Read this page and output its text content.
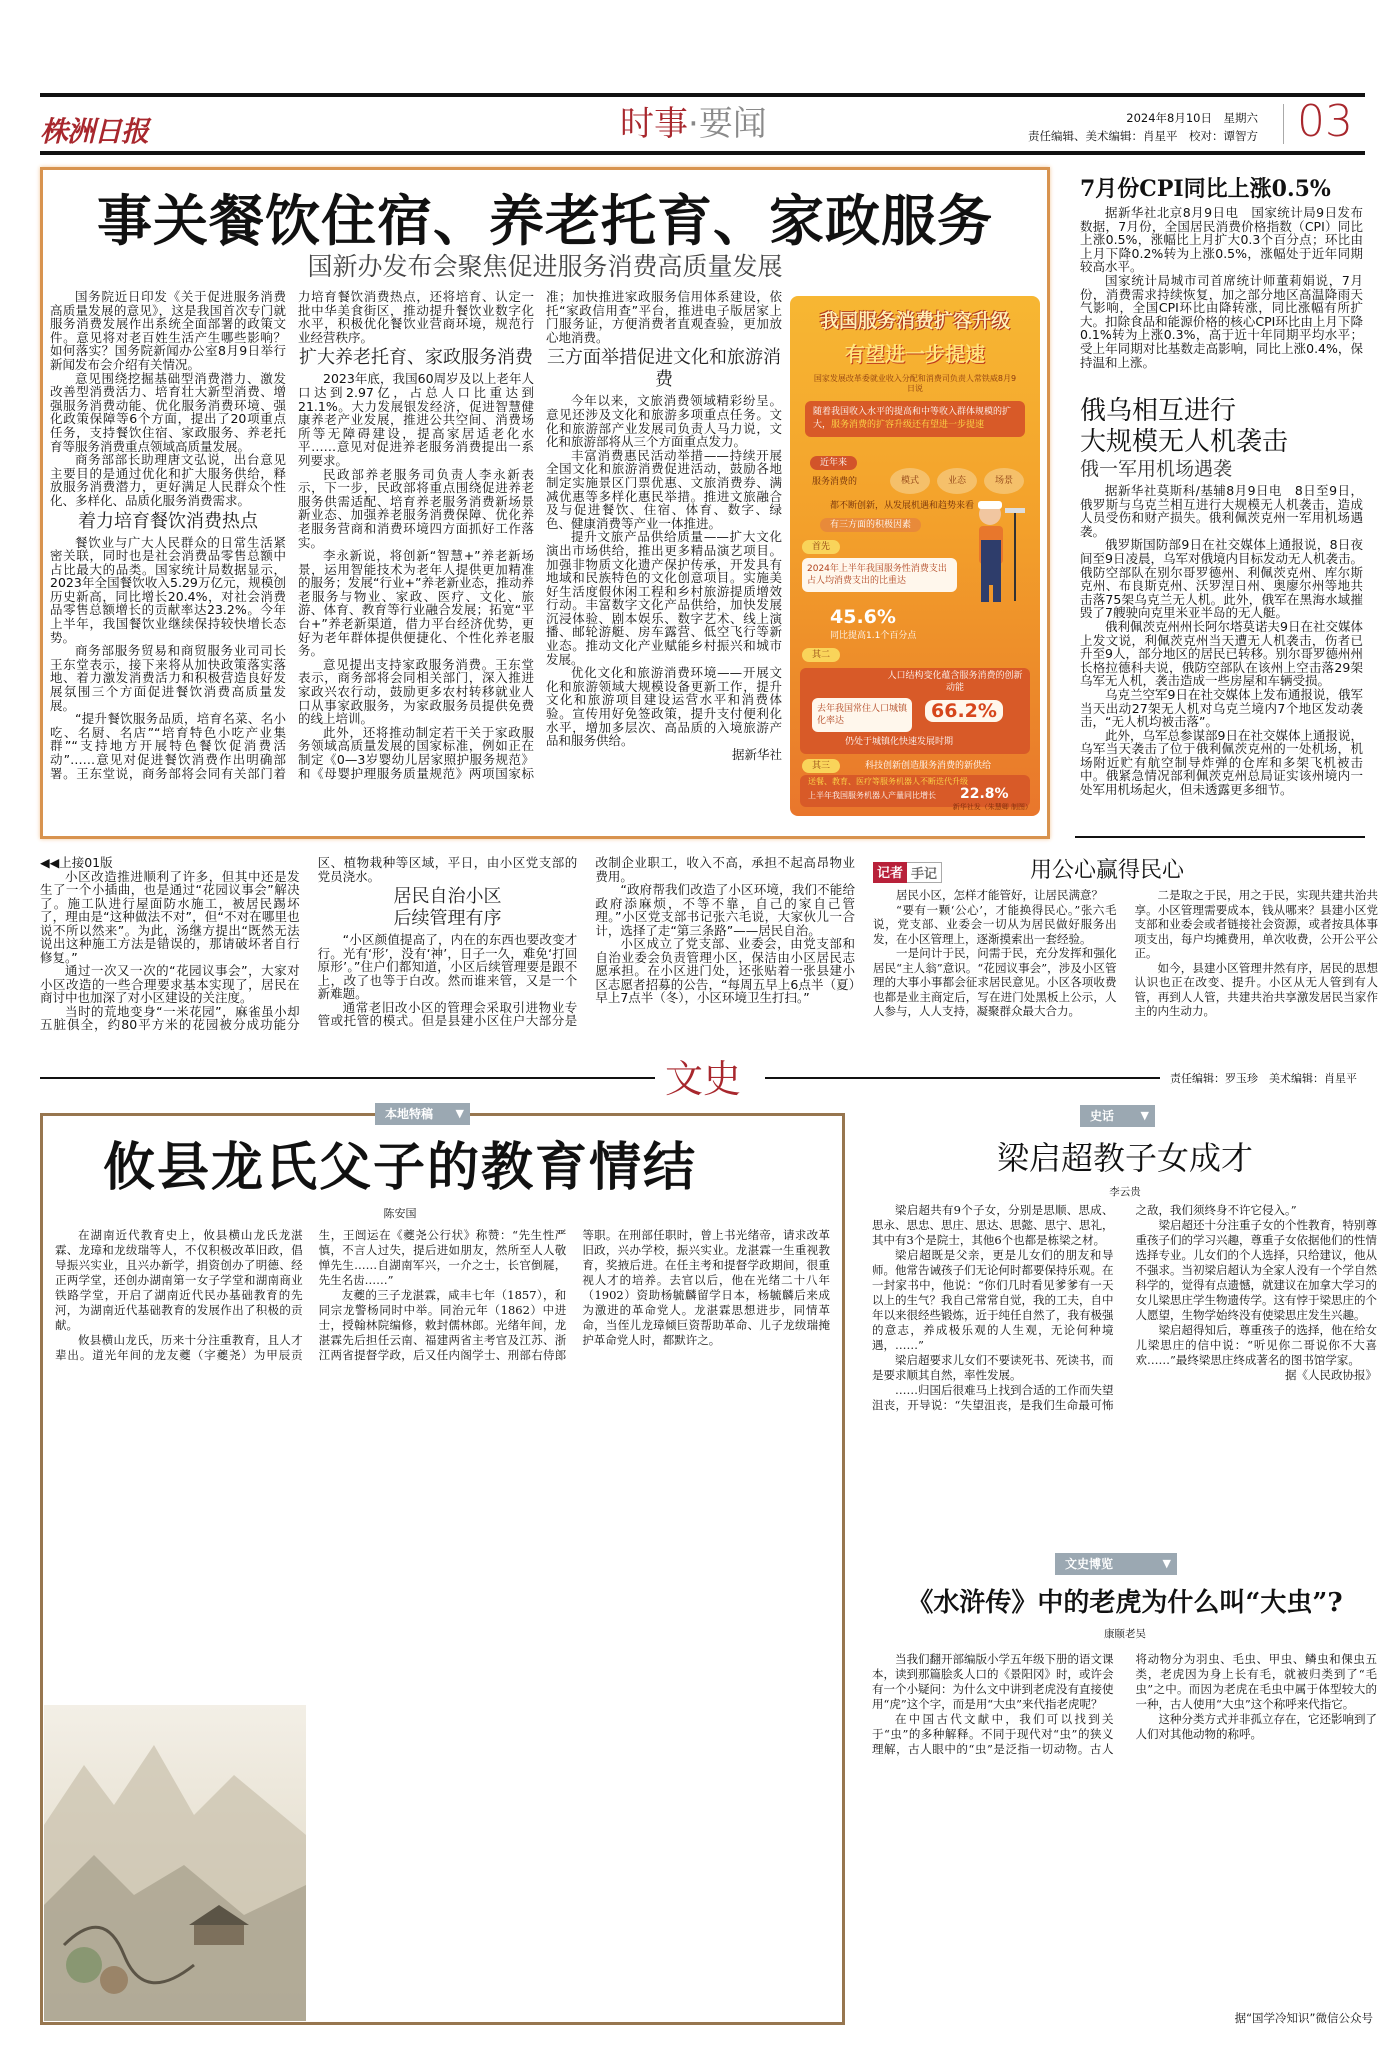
株洲日报	时事·要闻	2024年8月10日　星期六
责任编辑、美术编辑：肖星平　校对：谭智方 03
事关餐饮住宿、养老托育、家政服务
国新办发布会聚焦促进服务消费高质量发展

国务院近日印发《关于促进服务消费高质量发展的意见》，这是我国首次专门就服务消费发展作出系统全面部署的政策文件。意见将对老百姓生活产生哪些影响？如何落实？国务院新闻办公室8月9日举行新闻发布会介绍有关情况。

意见围绕挖掘基础型消费潜力、激发改善型消费活力、培育壮大新型消费、增强服务消费动能、优化服务消费环境、强化政策保障等6个方面，提出了20项重点任务，支持餐饮住宿、家政服务、养老托育等服务消费重点领域高质量发展。

商务部部长助理唐文弘说，出台意见主要目的是通过优化和扩大服务供给，释放服务消费潜力，更好满足人民群众个性化、多样化、品质化服务消费需求。

着力培育餐饮消费热点

餐饮业与广大人民群众的日常生活紧密关联，同时也是社会消费品零售总额中占比最大的品类。国家统计局数据显示，2023年全国餐饮收入5.29万亿元，规模创历史新高，同比增长20.4%，对社会消费品零售总额增长的贡献率达23.2%。今年上半年，我国餐饮业继续保持较快增长态势。

商务部服务贸易和商贸服务业司司长王东堂表示，接下来将从加快政策落实落地、着力激发消费活力和积极营造良好发展氛围三个方面促进餐饮消费高质量发展。

“提升餐饮服务品质，培育名菜、名小吃、名厨、名店”“培育特色小吃产业集群”“支持地方开展特色餐饮促消费活动”……意见对促进餐饮消费作出明确部署。王东堂说，商务部将会同有关部门着力培育餐饮消费热点，还将培育、认定一批中华美食街区，推动提升餐饮业数字化水平，积极优化餐饮业营商环境，规范行业经营秩序。

扩大养老托育、家政服务消费

2023年底，我国60周岁及以上老年人口达到2.97亿，占总人口比重达到21.1%。大力发展银发经济，促进智慧健康养老产业发展，推进公共空间、消费场所等无障碍建设，提高家居适老化水平……意见对促进养老服务消费提出一系列要求。

民政部养老服务司负责人李永新表示，下一步，民政部将重点围绕促进养老服务供需适配、培育养老服务消费新场景新业态、加强养老服务消费保障、优化养老服务营商和消费环境四方面抓好工作落实。

李永新说，将创新“智慧+”养老新场景，运用智能技术为老年人提供更加精准的服务；发展“行业+”养老新业态，推动养老服务与物业、家政、医疗、文化、旅游、体育、教育等行业融合发展；拓宽“平台+”养老新渠道，借力平台经济优势，更好为老年群体提供便捷化、个性化养老服务。

意见提出支持家政服务消费。王东堂表示，商务部将会同相关部门，深入推进家政兴农行动，鼓励更多农村转移就业人口从事家政服务，为家政服务员提供免费的线上培训。

此外，还将推动制定若干关于家政服务领域高质量发展的国家标准，例如正在制定《0—3岁婴幼儿居家照护服务规范》和《母婴护理服务质量规范》两项国家标准；加快推进家政服务信用体系建设，依托“家政信用查”平台，推进电子版居家上门服务证，方便消费者直观查验，更加放心地消费。

三方面举措促进文化和旅游消费

今年以来，文旅消费领域精彩纷呈。意见还涉及文化和旅游多项重点任务。文化和旅游部产业发展司负责人马力说，文化和旅游部将从三个方面重点发力。

丰富消费惠民活动举措——持续开展全国文化和旅游消费促进活动，鼓励各地制定实施景区门票优惠、文旅消费券、满减优惠等多样化惠民举措。推进文旅融合及与促进餐饮、住宿、体育、数字、绿色、健康消费等产业一体推进。

提升文旅产品供给质量——扩大文化演出市场供给，推出更多精品演艺项目。加强非物质文化遗产保护传承，开发具有地域和民族特色的文化创意项目。实施美好生活度假休闲工程和乡村旅游提质增效行动。丰富数字文化产品供给，加快发展沉浸体验、剧本娱乐、数字艺术、线上演播、邮轮游艇、房车露营、低空飞行等新业态。推动文化产业赋能乡村振兴和城市发展。

优化文化和旅游消费环境——开展文化和旅游领域大规模设备更新工作，提升文化和旅游项目建设运营水平和消费体验。宣传用好免签政策，提升支付便利化水平，增加多层次、高品质的入境旅游产品和服务供给。

据新华社

我国服务消费扩容升级
有望进一步提速
国家发展改革委就业收入分配和消费司负责人常铁威8月9日说
随着我国收入水平的提高和中等收入群体规模的扩大，服务消费的扩容升级还有望进一步提速
近年来
服务消费的	模式	业态	场景
都不断创新，从发展机遇和趋势来看
有三方面的积极因素
首先
2024年上半年我国服务性消费支出占人均消费支出的比重达
45.6%
同比提高1.1个百分点
其二
人口结构变化蕴含服务消费的创新动能
去年我国常住人口城镇化率达	66.2%
仍处于城镇化快速发展时期
其三	科技创新创造服务消费的新供给
送餐、教育、医疗等服务机器人不断迭代升级
上半年我国服务机器人产量同比增长 22.8%
新华社发（朱慧卿 制图）
7月份CPI同比上涨0.5%

据新华社北京8月9日电　国家统计局9日发布数据，7月份，全国居民消费价格指数（CPI）同比上涨0.5%，涨幅比上月扩大0.3个百分点；环比由上月下降0.2%转为上涨0.5%，涨幅处于近年同期较高水平。

国家统计局城市司首席统计师董莉娟说，7月份，消费需求持续恢复，加之部分地区高温降雨天气影响，全国CPI环比由降转涨，同比涨幅有所扩大。扣除食品和能源价格的核心CPI环比由上月下降0.1%转为上涨0.3%，高于近十年同期平均水平；受上年同期对比基数走高影响，同比上涨0.4%，保持温和上涨。

俄乌相互进行
大规模无人机袭击
俄一军用机场遇袭

据新华社莫斯科/基辅8月9日电　8日至9日，俄罗斯与乌克兰相互进行大规模无人机袭击，造成人员受伤和财产损失。俄利佩茨克州一军用机场遇袭。

俄罗斯国防部9日在社交媒体上通报说，8日夜间至9日凌晨，乌军对俄境内目标发动无人机袭击。俄防空部队在别尔哥罗德州、利佩茨克州、库尔斯克州、布良斯克州、沃罗涅日州、奥廖尔州等地共击落75架乌克兰无人机。此外，俄军在黑海水域摧毁了7艘驶向克里米亚半岛的无人艇。

俄利佩茨克州州长阿尔塔莫诺夫9日在社交媒体上发文说，利佩茨克州当天遭无人机袭击，伤者已升至9人，部分地区的居民已转移。别尔哥罗德州州长格拉德科夫说，俄防空部队在该州上空击落29架乌军无人机，袭击造成一些房屋和车辆受损。

乌克兰空军9日在社交媒体上发布通报说，俄军当天出动27架无人机对乌克兰境内7个地区发动袭击，“无人机均被击落”。

此外，乌军总参谋部9日在社交媒体上通报说，乌军当天袭击了位于俄利佩茨克州的一处机场，机场附近贮有航空制导炸弹的仓库和多架飞机被击中。俄紧急情况部利佩茨克州总局证实该州境内一处军用机场起火，但未透露更多细节。

◀◀上接01版

小区改造推进顺利了许多，但其中还是发生了一个小插曲，也是通过“花园议事会”解决了。施工队进行屋面防水施工，被居民踢坏了，理由是“这种做法不对”，但“不对在哪里也说不所以然来”。为此，汤继方提出“既然无法说出这种施工方法是错误的，那请破坏者自行修复。”

通过一次又一次的“花园议事会”，大家对小区改造的一些合理要求基本实现了，居民在商讨中也加深了对小区建设的关注度。

当时的荒地变身“一米花园”，麻雀虽小却五脏俱全，约80平方米的花园被分成功能分区、植物栽种等区域，平日，由小区党支部的党员浇水。

居民自治小区
后续管理有序

“小区颜值提高了，内在的东西也要改变才行。光有‘形’，没有‘神’，日子一久，难免‘打回原形’。”住户们都知道，小区后续管理要是跟不上，改了也等于白改。然而谁来管，又是一个新难题。

通常老旧改小区的管理会采取引进物业专管或托管的模式。但是县建小区住户大部分是改制企业职工，收入不高，承担不起高昂物业费用。

“政府帮我们改造了小区环境，我们不能给政府添麻烦，不等不靠，自己的家自己管理。”小区党支部书记张六毛说，大家伙儿一合计，选择了走“第三条路”——居民自治。

小区成立了党支部、业委会，由党支部和自治业委会负责管理小区，保洁由小区居民志愿承担。在小区进门处，还张贴着一张县建小区志愿者招募的公告，“每周五早上6点半（夏）早上7点半（冬），小区环境卫生打扫。”

记者 手记	用公心赢得民心

居民小区，怎样才能管好，让居民满意？

“要有一颗‘公心’，才能换得民心。”张六毛说，党支部、业委会一切从为居民做好服务出发，在小区管理上，逐渐摸索出一套经验。

一是问计于民，问需于民，充分发挥和强化居民“主人翁”意识。“花园议事会”，涉及小区管理的大事小事都会征求居民意见。小区各项收费也都是业主商定后，写在进门处黑板上公示，人人参与，人人支持，凝聚群众最大合力。

二是取之于民，用之于民，实现共建共治共享。小区管理需要成本，钱从哪来？县建小区党支部和业委会或者链接社会资源，或者按具体事项支出，每户均摊费用，单次收费，公开公平公正。

如今，县建小区管理井然有序，居民的思想认识也正在改变、提升。小区从无人管到有人管，再到人人管，共建共治共享激发居民当家作主的内生动力。

文史	责任编辑：罗玉珍　美术编辑：肖星平
本地特稿 ▼
攸县龙氏父子的教育情结
陈安国

在湖南近代教育史上，攸县横山龙氏龙湛霖、龙璋和龙绂瑞等人，不仅积极改革旧政，倡导振兴实业，且兴办新学，捐资创办了明德、经正两学堂，还创办湖南第一女子学堂和湖南商业铁路学堂，开启了湖南近代民办基础教育的先河，为湖南近代基础教育的发展作出了积极的贡献。

攸县横山龙氏，历来十分注重教育，且人才辈出。道光年间的龙友夔（字夔尧）为甲辰贡生，王闿运在《夔尧公行状》称赞：“先生性严慎，不言人过失，提后进如朋友，然所至人人敬惮先生……自湖南军兴，一介之士，长官倒屣，先生名齿……”

友夔的三子龙湛霖，咸丰七年（1857），和同宗龙警杨同时中举。同治元年（1862）中进士，授翰林院编修，敕封儒林郎。光绪年间，龙湛霖先后担任云南、福建两省主考官及江苏、浙江两省提督学政，后又任内阁学士、刑部右侍郎等职。在刑部任职时，曾上书光绪帝，请求改革旧政，兴办学校，振兴实业。龙湛霖一生重视教育，奖掖后进。在任主考和提督学政期间，很重视人才的培养。去官以后，他在光绪二十八年（1902）资助杨毓麟留学日本，杨毓麟后来成为激进的革命党人。龙湛霖思想进步，同情革命，当侄儿龙璋倾巨资帮助革命、儿子龙绂瑞掩护革命党人时，都默许之。

史话 ▼
梁启超教子女成才
李云贵

梁启超共有9个子女，分别是思顺、思成、思永、思忠、思庄、思达、思懿、思宁、思礼，其中有3个是院士，其他6个也都是栋梁之材。

梁启超既是父亲，更是儿女们的朋友和导师。他常告诫孩子们无论何时都要保持乐观。在一封家书中，他说：“你们几时看见爹爹有一天以上的生气？我自己常常自觉，我的工夫，自中年以来很经些锻炼，近于纯任自然了，我有极强的意志，养成极乐观的人生观，无论何种境遇，……”

梁启超要求儿女们不要读死书、死读书，而是要求顺其自然，率性发展。

……归国后很难马上找到合适的工作而失望沮丧，开导说：“失望沮丧，是我们生命最可怖之敌，我们须终身不许它侵入。”

梁启超还十分注重子女的个性教育，特别尊重孩子们的学习兴趣，尊重子女依据他们的性情选择专业。儿女们的个人选择，只给建议，他从不强求。当初梁启超认为全家人没有一个学自然科学的，觉得有点遗憾，就建议在加拿大学习的女儿梁思庄学生物遗传学。这有悖于梁思庄的个人愿望，生物学始终没有使梁思庄发生兴趣。

梁启超得知后，尊重孩子的选择，他在给女儿梁思庄的信中说：“听见你二哥说你不大喜欢……”最终梁思庄终成著名的图书馆学家。

据《人民政协报》

文史博览	▼
《水浒传》中的老虎为什么叫“大虫”?
康颐老吴

当我们翻开部编版小学五年级下册的语文课本，读到那篇脍炙人口的《景阳冈》时，或许会有一个小疑问：为什么文中讲到老虎没有直接使用“虎”这个字，而是用“大虫”来代指老虎呢？

在中国古代文献中，我们可以找到关于“虫”的多种解释。不同于现代对“虫”的狭义理解，古人眼中的“虫”是泛指一切动物。古人将动物分为羽虫、毛虫、甲虫、鳞虫和倮虫五类，老虎因为身上长有毛，就被归类到了“毛虫”之中。而因为老虎在毛虫中属于体型较大的一种，古人使用“大虫”这个称呼来代指它。

这种分类方式并非孤立存在，它还影响到了人们对其他动物的称呼。

据“国学冷知识”微信公众号
